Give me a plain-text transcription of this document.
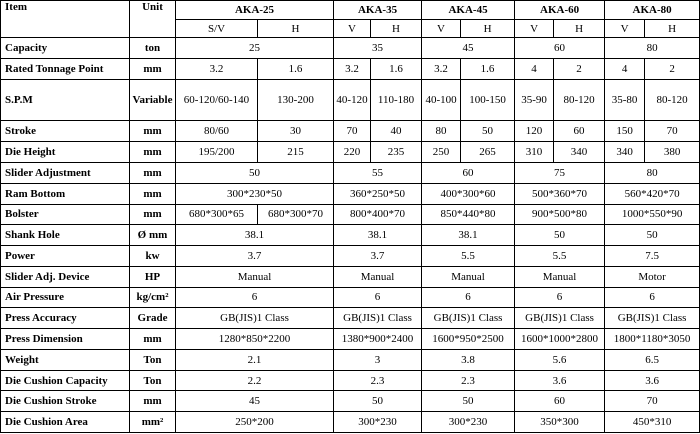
Item	Unit	AKA-25		AKA-35		AKA-45		AKA-60		AKA-80	
		S/V	H	V	H	V	H	V	H	V	H
Capacity	ton	25		35		45		60		80	
Rated Tonnage Point	mm	3.2	1.6	3.2	1.6	3.2	1.6	4	2	4	2
S.P.M	Variable	60-120/60-140	130-200	40-120	110-180	40-100	100-150	35-90	80-120	35-80	80-120
Stroke	mm	80/60	30	70	40	80	50	120	60	150	70
Die Height	mm	195/200	215	220	235	250	265	310	340	340	380
Slider Adjustment	mm	50		55		60		75		80	
Ram Bottom	mm	300*230*50		360*250*50		400*300*60		500*360*70		560*420*70	
Bolster	mm	680*300*65	680*300*70	800*400*70		850*440*80		900*500*80		1000*550*90	
Shank Hole	Ø mm	38.1		38.1		38.1		50		50	
Power	kw	3.7		3.7		5.5		5.5		7.5	
Slider Adj. Device	HP	Manual		Manual		Manual		Manual		Motor	
Air Pressure	kg/cm²	6		6		6		6		6	
Press Accuracy	Grade	GB(JIS)1 Class		GB(JIS)1 Class		GB(JIS)1 Class		GB(JIS)1 Class		GB(JIS)1 Class	
Press Dimension	mm	1280*850*2200		1380*900*2400		1600*950*2500		1600*1000*2800		1800*1180*3050	
Weight	Ton	2.1		3		3.8		5.6		6.5	
Die Cushion Capacity	Ton	2.2		2.3		2.3		3.6		3.6	
Die Cushion Stroke	mm	45		50		50		60		70	
Die Cushion Area	mm²	250*200		300*230		300*230		350*300		450*310	
